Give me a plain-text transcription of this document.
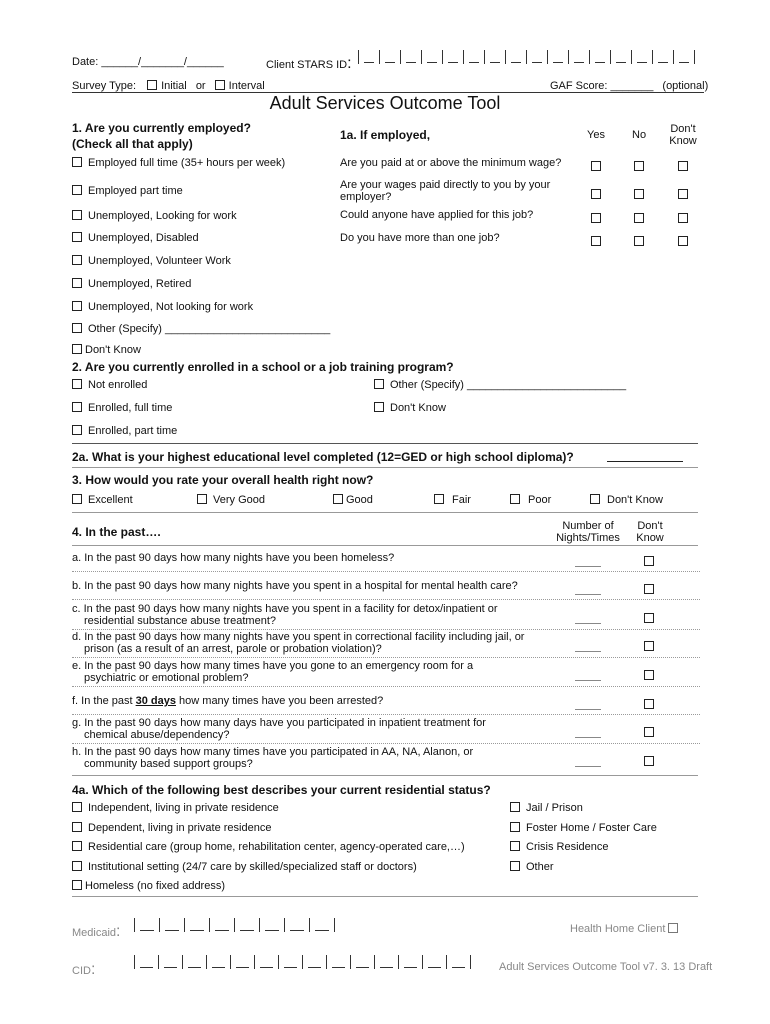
Date: ______/_______/______	Client STARS ID:
Survey Type: Initial or Interval	GAF Score: _______ (optional)
Adult Services Outcome Tool
1. Are you currently employed?
(Check all that apply)
Employed full time (35+ hours per week)
Employed part time
Unemployed, Looking for work
Unemployed, Disabled
Unemployed, Volunteer Work
Unemployed, Retired
Unemployed, Not looking for work
Other (Specify) ___________________________
Don't Know
1a. If employed,	Yes No	Don't
Know
Are you paid at or above the minimum wage?
Are your wages paid directly to you by your
employer?
Could anyone have applied for this job?
Do you have more than one job?
2. Are you currently enrolled in a school or a job training program?
Not enrolled
Enrolled, full time
Enrolled, part time
Other (Specify) __________________________
Don't Know
2a. What is your highest educational level completed (12=GED or high school diploma)?
3. How would you rate your overall health right now?
Excellent	Very Good	Good	Fair	Poor	Don't Know
4. In the past….	Number of
Nights/Times
Don't
Know
a. In the past 90 days how many nights have you been homeless?
b. In the past 90 days how many nights have you spent in a hospital for mental health care?
c. In the past 90 days how many nights have you spent in a facility for detox/inpatient or
residential substance abuse treatment?
d. In the past 90 days how many nights have you spent in correctional facility including jail, or
prison (as a result of an arrest, parole or probation violation)?
e. In the past 90 days how many times have you gone to an emergency room for a
psychiatric or emotional problem?
f. In the past 30 days how many times have you been arrested?
g. In the past 90 days how many days have you participated in inpatient treatment for
chemical abuse/dependency?
h. In the past 90 days how many times have you participated in AA, NA, Alanon, or
community based support groups?
4a. Which of the following best describes your current residential status?
Independent, living in private residence
Dependent, living in private residence
Residential care (group home, rehabilitation center, agency-operated care,…)
Institutional setting (24/7 care by skilled/specialized staff or doctors)
Homeless (no fixed address)
Jail / Prison
Foster Home / Foster Care
Crisis Residence
Other
Medicaid:	Health Home Client
CID:	Adult Services Outcome Tool v7. 3. 13 Draft
